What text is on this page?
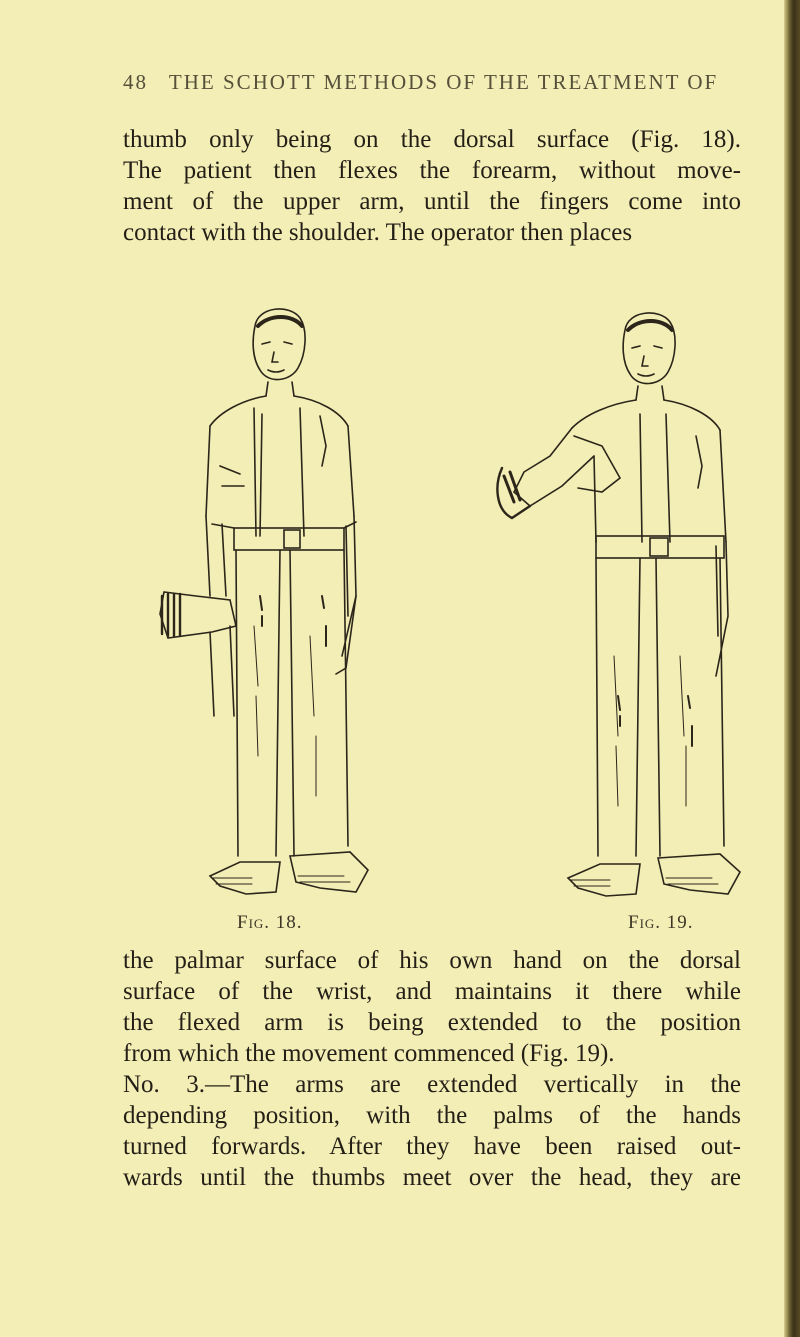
48 THE SCHOTT METHODS OF THE TREATMENT OF
thumb only being on the dorsal surface (Fig. 18).
The patient then flexes the forearm, without move-
ment of the upper arm, until the fingers come into
contact with the shoulder. The operator then places
Fig. 18.	Fig. 19.
the palmar surface of his own hand on the dorsal
surface of the wrist, and maintains it there while
the flexed arm is being extended to the position
from which the movement commenced (Fig. 19).
No. 3.—The arms are extended vertically in the
depending position, with the palms of the hands
turned forwards. After they have been raised out-
wards until the thumbs meet over the head, they are
